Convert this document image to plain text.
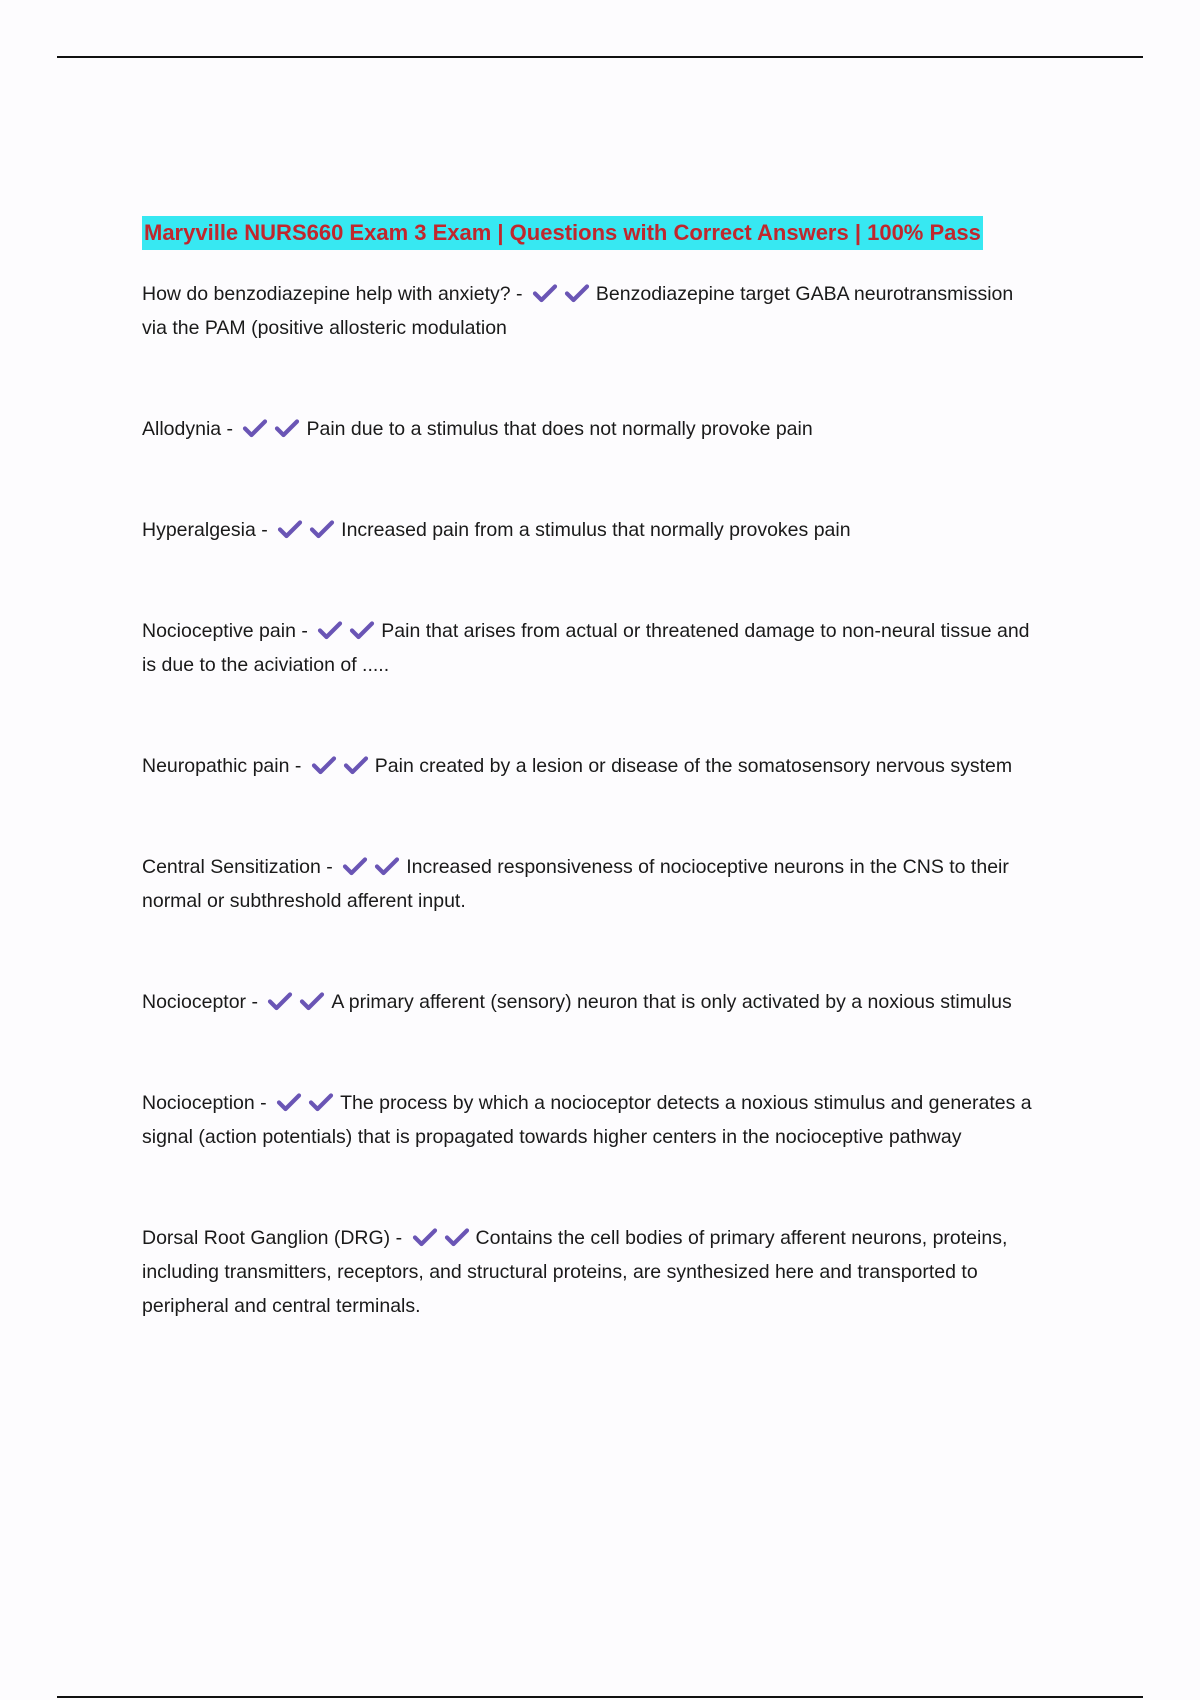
Maryville NURS660 Exam 3 Exam | Questions with Correct Answers | 100% Pass
How do benzodiazepine help with anxiety? -	Benzodiazepine target GABA neurotransmission via the PAM (positive allosteric modulation
Allodynia -	Pain due to a stimulus that does not normally provoke pain
Hyperalgesia -	Increased pain from a stimulus that normally provokes pain
Nocioceptive pain -	Pain that arises from actual or threatened damage to non-neural tissue and is due to the aciviation of .....
Neuropathic pain -	Pain created by a lesion or disease of the somatosensory nervous system
Central Sensitization -	Increased responsiveness of nocioceptive neurons in the CNS to their normal or subthreshold afferent input.
Nocioceptor -	A primary afferent (sensory) neuron that is only activated by a noxious stimulus
Nocioception -	The process by which a nocioceptor detects a noxious stimulus and generates a signal (action potentials) that is propagated towards higher centers in the nocioceptive pathway
Dorsal Root Ganglion (DRG) -	Contains the cell bodies of primary afferent neurons, proteins, including transmitters, receptors, and structural proteins, are synthesized here and transported to peripheral and central terminals.
